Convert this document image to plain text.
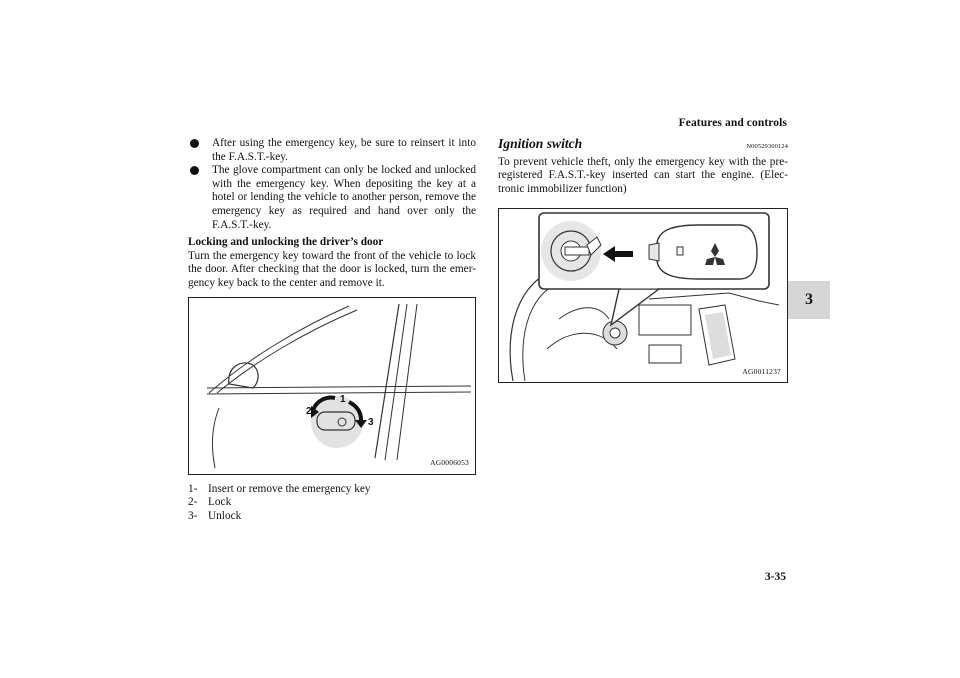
Features and controls
3
After using the emergency key, be sure to reinsert it into the F.A.S.T.-key.
The glove compartment can only be locked and unlocked with the emergency key. When depositing the key at a hotel or lending the vehicle to another person, remove the emergency key as required and hand over only the F.A.S.T.-key.
Locking and unlocking the driver’s door
Turn the emergency key toward the front of the vehicle to lock the door. After checking that the door is locked, turn the emer-gency key back to the center and remove it.
1
2
3
AG0006053
1- Insert or remove the emergency key
2- Lock
3- Unlock
Ignition switch	N00529300124
To prevent vehicle theft, only the emergency key with the pre-registered F.A.S.T.-key inserted can start the engine. (Elec-tronic immobilizer function)
AG0011237
3-35
